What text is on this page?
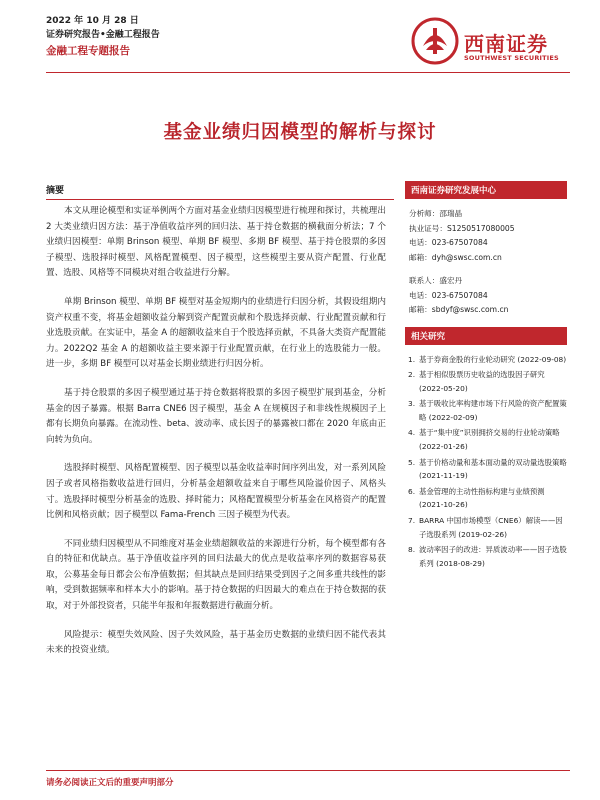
2022 年 10 月 28 日
证券研究报告•金融工程报告
金融工程专题报告	西南证券
SOUTHWEST SECURITIES
基金业绩归因模型的解析与探讨
摘要

本文从理论模型和实证举例两个方面对基金业绩归因模型进行梳理和探讨，共梳理出 2 大类业绩归因方法：基于净值收益序列的回归法、基于持仓数据的横截面分析法；7 个业绩归因模型：单期 Brinson 模型、单期 BF 模型、多期 BF 模型、基于持仓股票的多因子模型、选股择时模型、风格配置模型、因子模型，这些模型主要从资产配置、行业配置、选股、风格等不同模块对组合收益进行分解。

单期 Brinson 模型、单期 BF 模型对基金短期内的业绩进行归因分析，其假设组期内资产权重不变，将基金超额收益分解到资产配置贡献和个股选择贡献、行业配置贡献和行业选股贡献。在实证中，基金 A 的超额收益来自于个股选择贡献，不具备大类资产配置能力。2022Q2 基金 A 的超额收益主要来源于行业配置贡献，在行业上的选股能力一般。进一步，多期 BF 模型可以对基金长期业绩进行归因分析。

基于持仓股票的多因子模型通过基于持仓数据将股票的多因子模型扩展到基金，分析基金的因子暴露。根据 Barra CNE6 因子模型，基金 A 在规模因子和非线性规模因子上都有长期负向暴露。在流动性、beta、波动率、成长因子的暴露被口都在 2020 年底由正向转为负向。

选股择时模型、风格配置模型、因子模型以基金收益率时间序列出发，对一系列风险因子或者风格指数收益进行回归，分析基金超额收益来自于哪些风险溢价因子、风格头寸。选股择时模型分析基金的选股、择时能力；风格配置模型分析基金在风格资产的配置比例和风格贡献；因子模型以 Fama-French 三因子模型为代表。

不同业绩归因模型从不同维度对基金业绩超额收益的来源进行分析，每个模型都有各自的特征和优缺点。基于净值收益序列的回归法最大的优点是收益率序列的数据容易获取，公募基金每日都会公布净值数据；但其缺点是回归结果受到因子之间多重共线性的影响，受到数据频率和样本大小的影响。基于持仓数据的归因最大的难点在于持仓数据的获取，对于外部投资者，只能半年报和年报数据进行截面分析。

风险提示：模型失效风险、因子失效风险，基于基金历史数据的业绩归因不能代表其未来的投资业绩。

西南证券研究发展中心
分析师：邵瑞晶
执业证号：S1250517080005
电话：023-67507084
邮箱：dyh@swsc.com.cn
联系人：盛宏丹
电话：023-67507084
邮箱：sbdyf@swsc.com.cn
相关研究
1. 基于券商金股的行业轮动研究 (2022-09-08)
2. 基于相似股票历史收益的选股因子研究 (2022-05-20)
3. 基于吸收比率构建市场下行风险的资产配置策略 (2022-02-09)
4. 基于“集中度”识别拥挤交易的行业轮动策略 (2022-01-26)
5. 基于价格动量和基本面动量的双动量选股策略 (2021-11-19)
6. 基金管理的主动性指标构建与业绩预测 (2021-10-26)
7. BARRA 中国市场模型（CNE6）解读——因子选股系列 (2019-02-26)
8. 波动率因子的改进：异质波动率——因子选股系列 (2018-08-29)
请务必阅读正文后的重要声明部分
